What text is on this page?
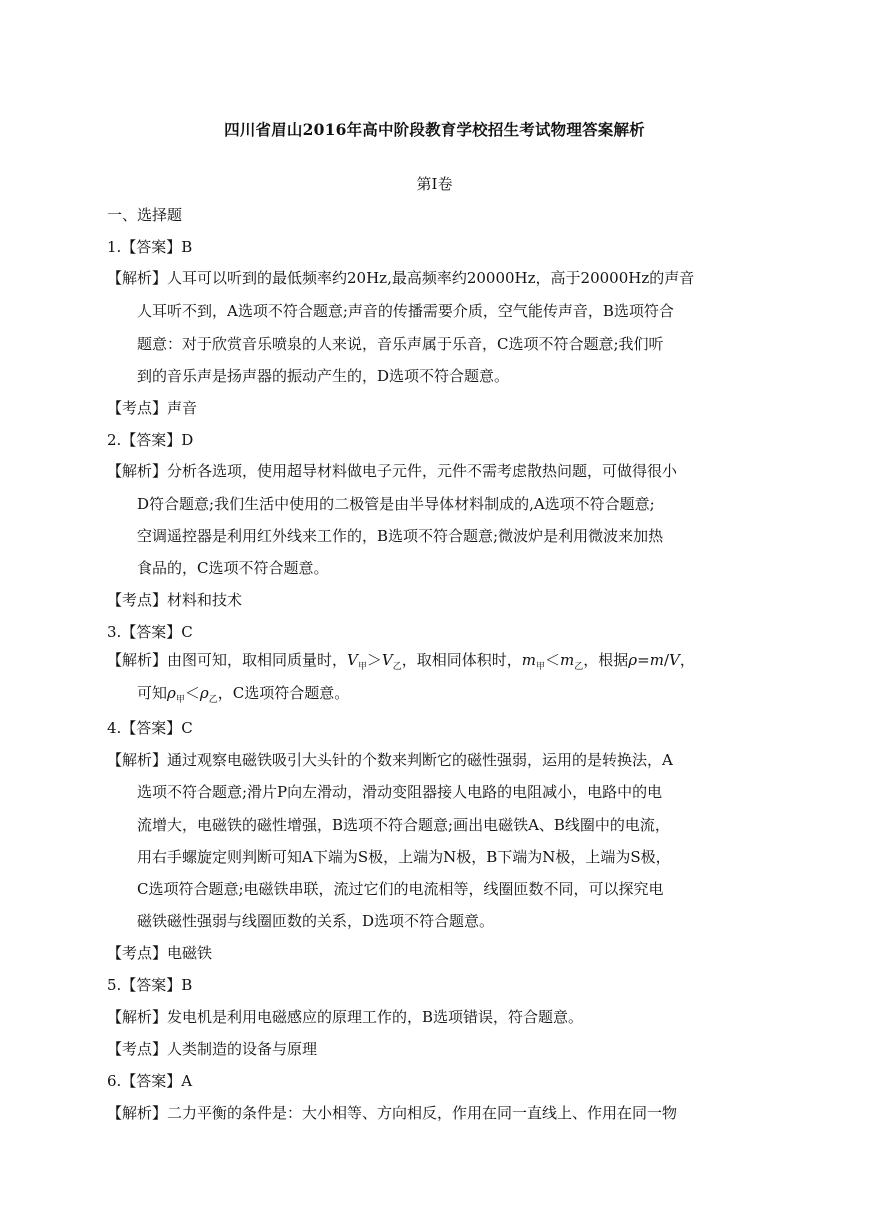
四川省眉山2016年高中阶段教育学校招生考试物理答案解析
第Ⅰ卷
一、选择题
1.【答案】B
【解析】人耳可以听到的最低频率约20Hz,最高频率约20000Hz，高于20000Hz的声音
人耳听不到，A选项不符合题意;声音的传播需要介质，空气能传声音，B选项符合
题意：对于欣赏音乐喷泉的人来说，音乐声属于乐音，C选项不符合题意;我们听
到的音乐声是扬声器的振动产生的，D选项不符合题意。
【考点】声音
2.【答案】D
【解析】分析各选项，使用超导材料做电子元件，元件不需考虑散热问题，可做得很小
D符合题意;我们生活中使用的二极管是由半导体材料制成的,A选项不符合题意;
空调遥控器是利用红外线来工作的，B选项不符合题意;微波炉是利用微波来加热
食品的，C选项不符合题意。
【考点】材料和技术
3.【答案】C
【解析】由图可知，取相同质量时，$V_甲>V_乙$，取相同体积时，$m_甲<m_乙$，根据ρ=m/V，
可知$\rho_甲<\rho_乙$，C选项符合题意。
4.【答案】C
【解析】通过观察电磁铁吸引大头针的个数来判断它的磁性强弱，运用的是转换法，A
选项不符合题意;滑片P向左滑动，滑动变阻器接人电路的电阻减小，电路中的电
流增大，电磁铁的磁性增强，B选项不符合题意;画出电磁铁A、B线圈中的电流，
用右手螺旋定则判断可知A下端为S极，上端为N极，B下端为N极，上端为S极，
C选项符合题意;电磁铁串联，流过它们的电流相等，线圈匝数不同，可以探究电
磁铁磁性强弱与线圈匝数的关系，D选项不符合题意。
【考点】电磁铁
5.【答案】B
【解析】发电机是利用电磁感应的原理工作的，B选项错误，符合题意。
【考点】人类制造的设备与原理
6.【答案】A
【解析】二力平衡的条件是：大小相等、方向相反，作用在同一直线上、作用在同一物
